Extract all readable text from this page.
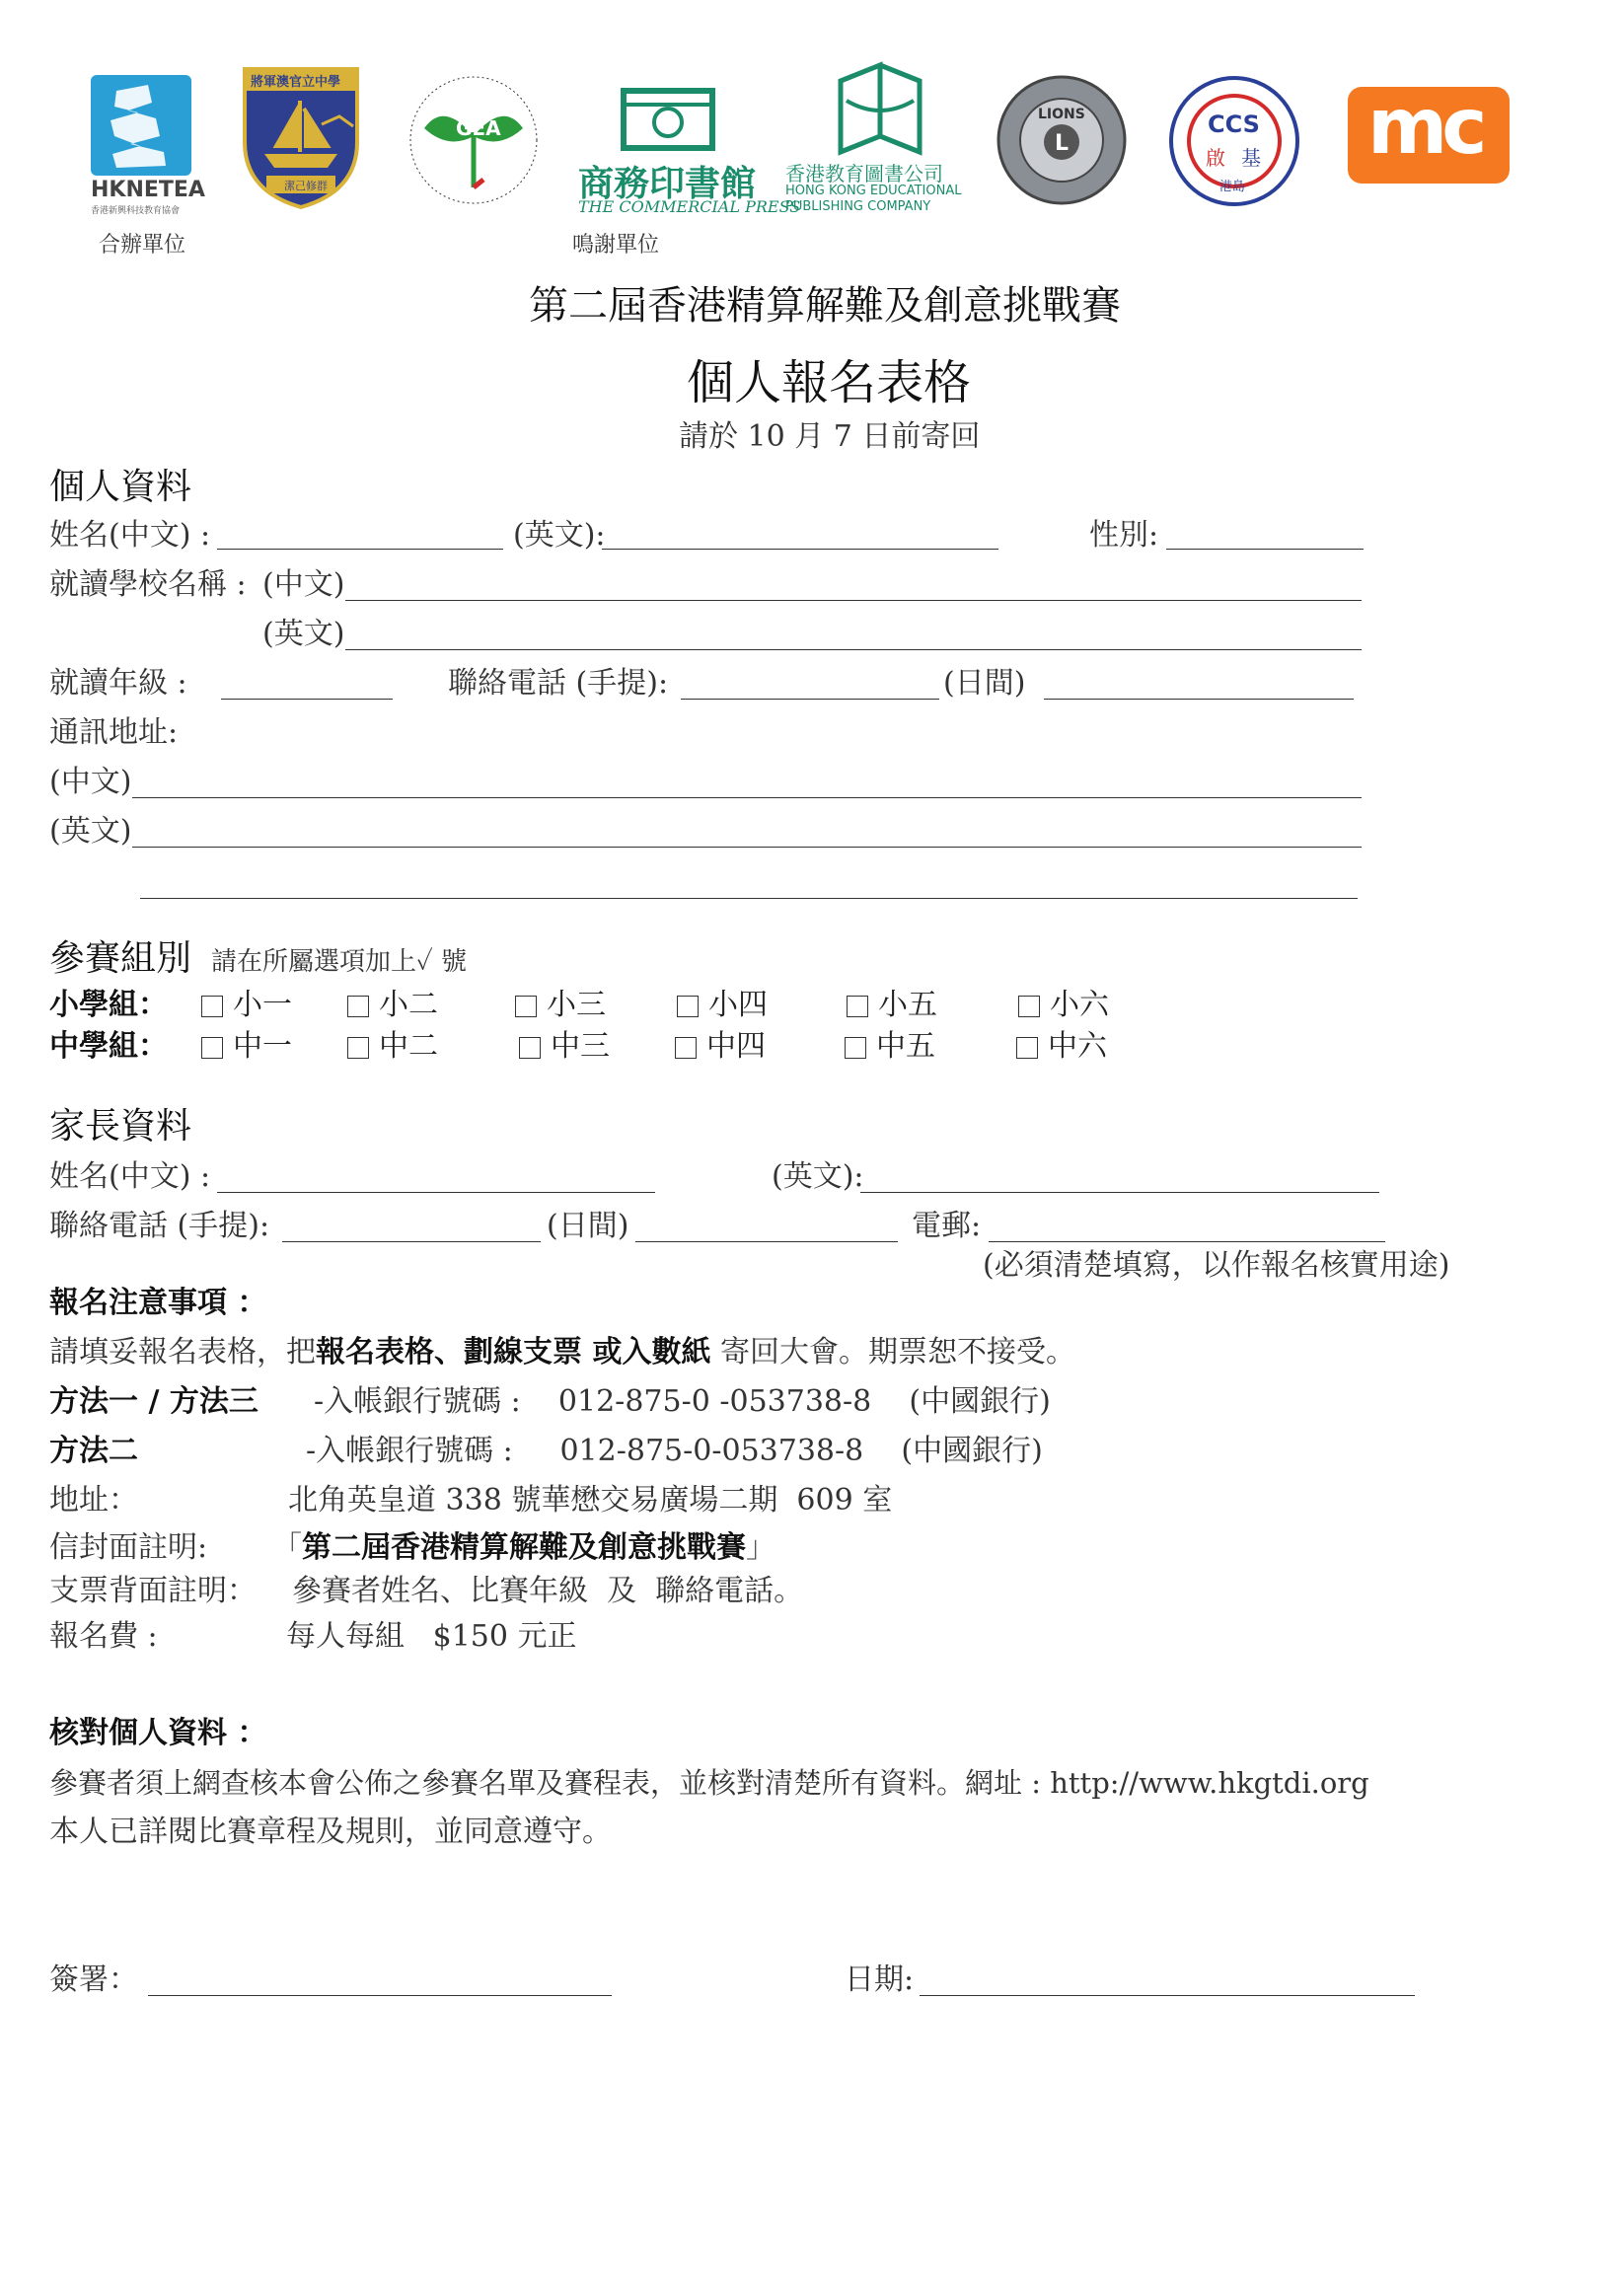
HKNETEA
香港新興科技教育協會
將軍澳官立中學
潔己修群
GEA
商務印書館
THE COMMERCIAL PRESS
香港教育圖書公司
HONG KONG EDUCATIONAL
PUBLISHING COMPANY
L
LIONS	CCS
啟 基
港島
mc
合辦單位	鳴謝單位
第二屆香港精算解難及創意挑戰賽
個人報名表格
請於 10 月 7 日前寄回
個人資料
姓名(中文) :	(英文):	性別:
就讀學校名稱 : (中文)
(英文)
就讀年級 :	聯絡電話 (手提):	(日間)
通訊地址:
(中文)
(英文)
參賽組別 請在所屬選項加上✓ 號
小學組：	小一	小二	小三	小四	小五	小六
中學組：	中一	中二	中三	中四	中五	中六
家長資料
姓名(中文) :	(英文):
聯絡電話 (手提):	(日間)	電郵:
(必須清楚填寫，以作報名核實用途)
報名注意事項 ：
請填妥報名表格，把報名表格、劃線支票 或入數紙 寄回大會。期票恕不接受。
方法一 / 方法三 -入帳銀行號碼 :    012-875-0 -053738-8    (中國銀行)
方法二	-入帳銀行號碼 :     012-875-0-053738-8    (中國銀行)
地址：	北角英皇道 338 號華懋交易廣場二期  609 室
信封面註明: 「第二屆香港精算解難及創意挑戰賽」
支票背面註明： 參賽者姓名、比賽年級  及  聯絡電話。
報名費 :	每人每組   $150 元正
核對個人資料 ：
參賽者須上網查核本會公佈之參賽名單及賽程表，並核對清楚所有資料。網址 : http://www.hkgtdi.org
本人已詳閱比賽章程及規則，並同意遵守。
簽署：	日期:
